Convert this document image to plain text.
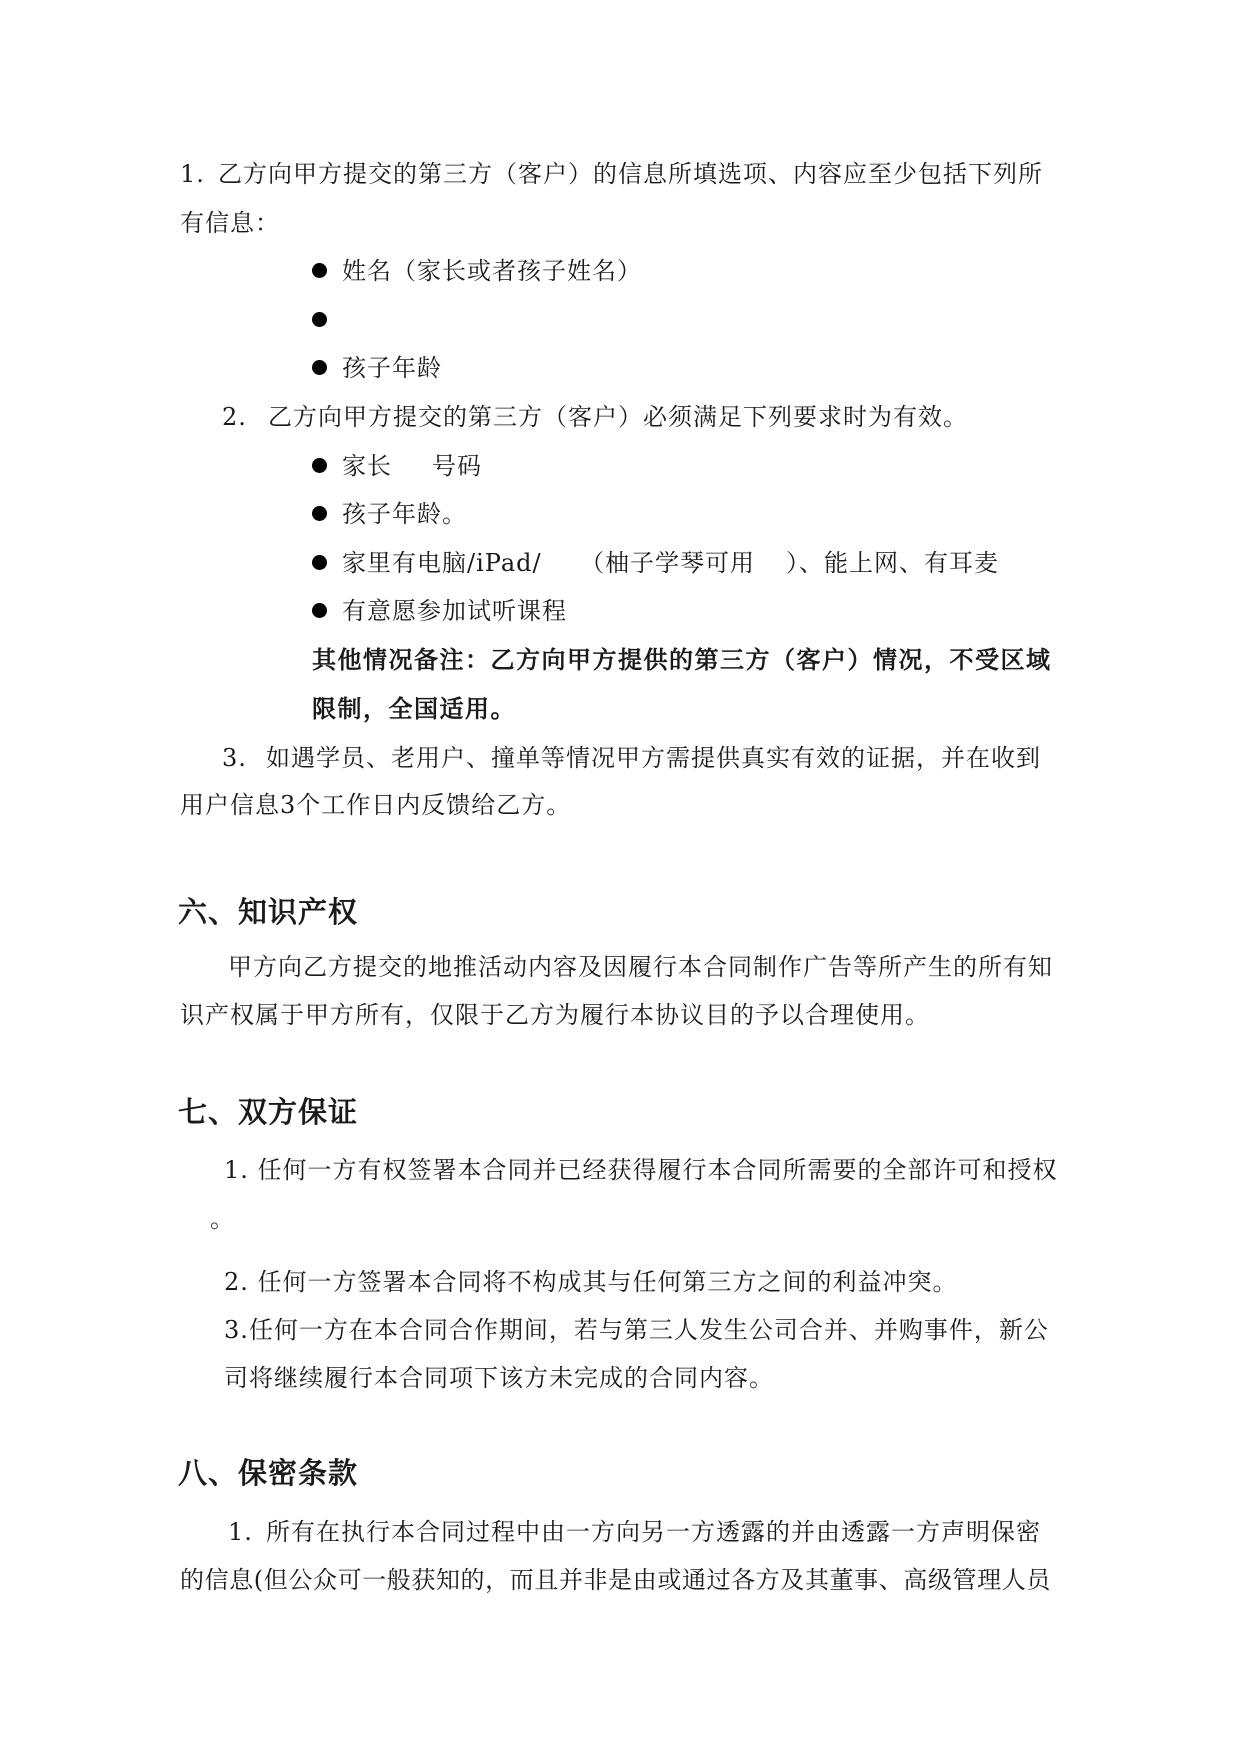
1. 乙方向甲方提交的第三方（客户）的信息所填选项、内容应至少包括下列所
有信息：
姓名（家长或者孩子姓名）
孩子年龄
2. 乙方向甲方提交的第三方（客户）必须满足下列要求时为有效。
家长 号码
孩子年龄。
家里有电脑/iPad/ （柚子学琴可用 ）、能上网、有耳麦
有意愿参加试听课程
其他情况备注：乙方向甲方提供的第三方（客户）情况，不受区域
限制，全国适用。
3. 如遇学员、老用户、撞单等情况甲方需提供真实有效的证据，并在收到
用户信息3个工作日内反馈给乙方。
六、知识产权
甲方向乙方提交的地推活动内容及因履行本合同制作广告等所产生的所有知
识产权属于甲方所有，仅限于乙方为履行本协议目的予以合理使用。
七、双方保证
1. 任何一方有权签署本合同并已经获得履行本合同所需要的全部许可和授权
。
2. 任何一方签署本合同将不构成其与任何第三方之间的利益冲突。
3.任何一方在本合同合作期间，若与第三人发生公司合并、并购事件，新公
司将继续履行本合同项下该方未完成的合同内容。
八、保密条款
1. 所有在执行本合同过程中由一方向另一方透露的并由透露一方声明保密
的信息(但公众可一般获知的，而且并非是由或通过各方及其董事、高级管理人员
